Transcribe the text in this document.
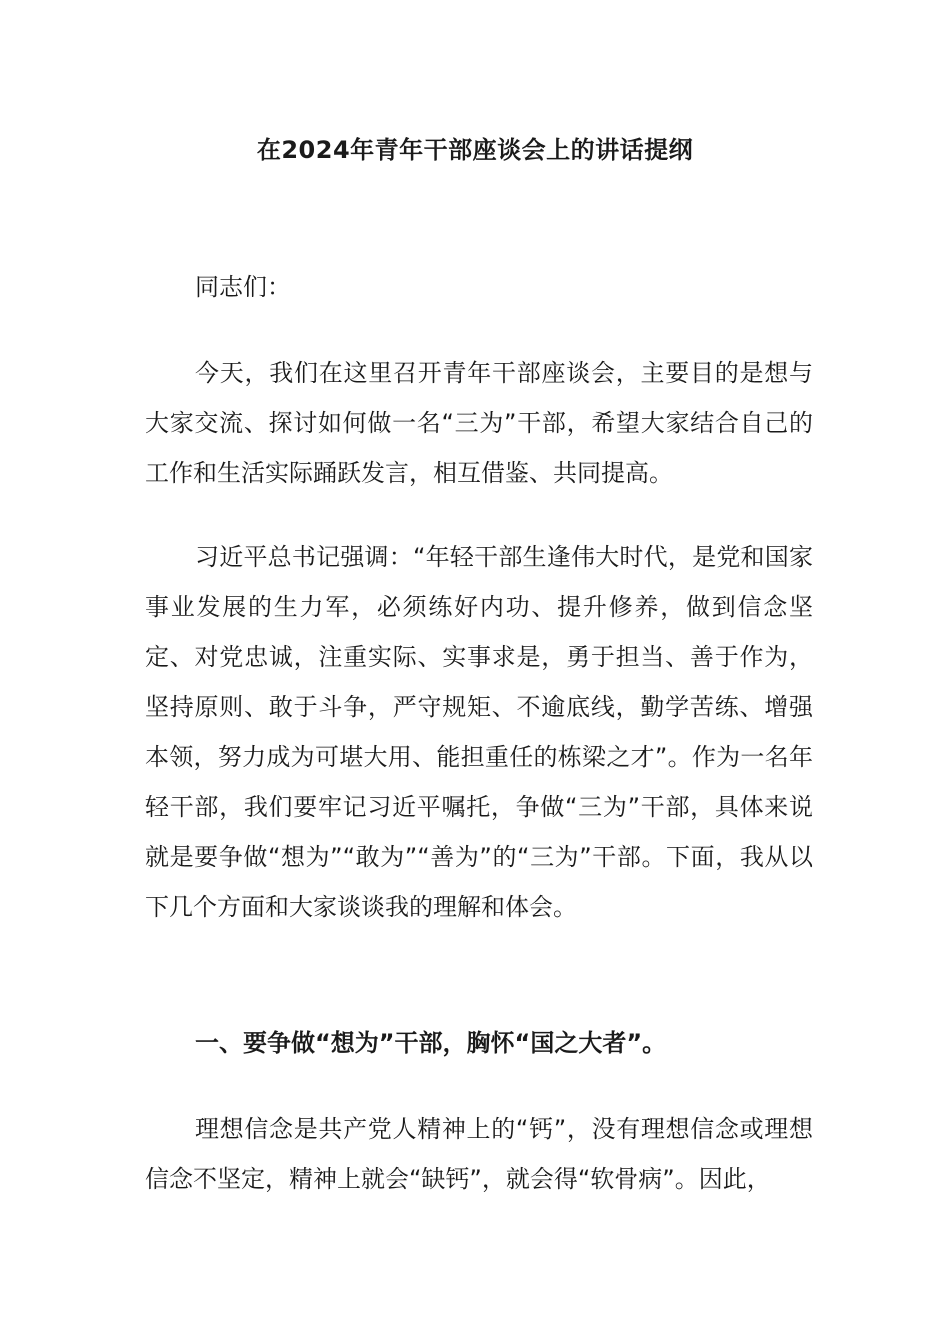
在2024年青年干部座谈会上的讲话提纲
同志们：
今天，我们在这里召开青年干部座谈会，主要目的是想与大家交流、探讨如何做一名“三为”干部，希望大家结合自己的工作和生活实际踊跃发言，相互借鉴、共同提高。
习近平总书记强调：“年轻干部生逢伟大时代，是党和国家事业发展的生力军，必须练好内功、提升修养，做到信念坚定、对党忠诚，注重实际、实事求是，勇于担当、善于作为，坚持原则、敢于斗争，严守规矩、不逾底线，勤学苦练、增强本领，努力成为可堪大用、能担重任的栋梁之才”。作为一名年轻干部，我们要牢记习近平嘱托，争做“三为”干部，具体来说就是要争做“想为”“敢为”“善为”的“三为”干部。下面，我从以下几个方面和大家谈谈我的理解和体会。
一、要争做“想为”干部，胸怀“国之大者”。
理想信念是共产党人精神上的“钙”，没有理想信念或理想信念不坚定，精神上就会“缺钙”，就会得“软骨病”。因此，
